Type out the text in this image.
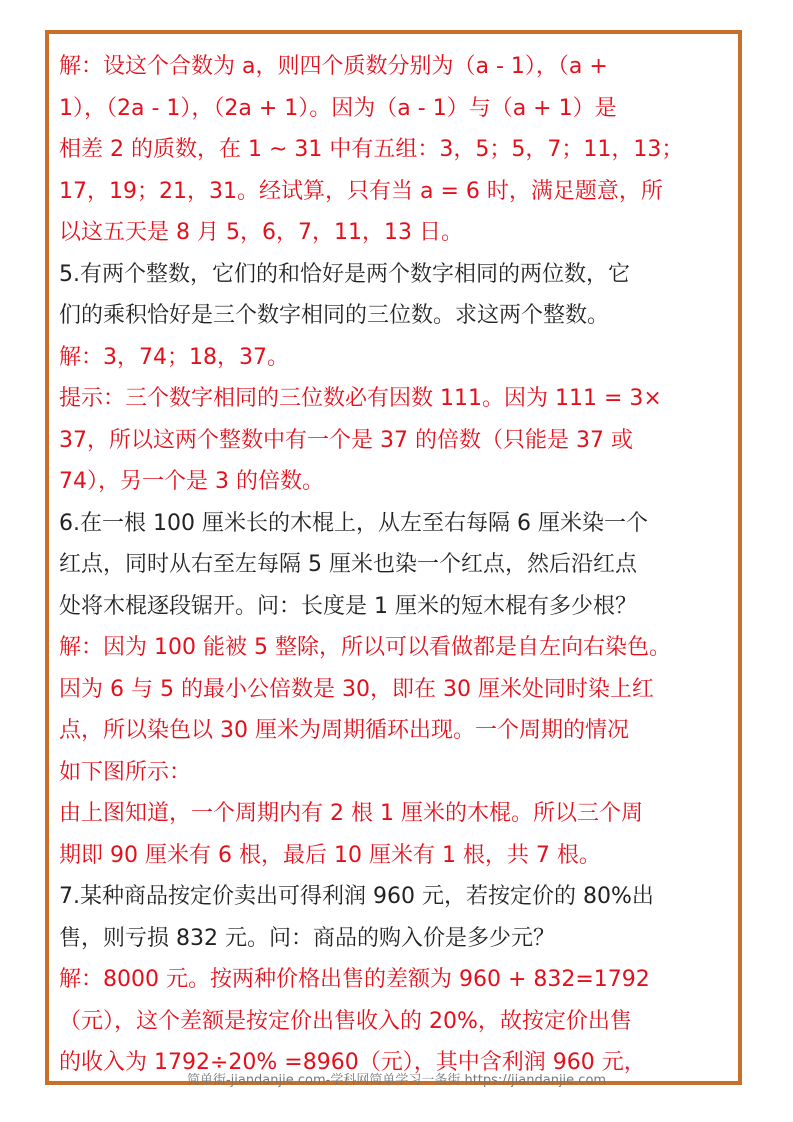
解：设这个合数为 a，则四个质数分别为（a - 1），（a +
1），（2a - 1），（2a + 1）。因为（a - 1）与（a + 1）是
相差 2 的质数，在 1 ~ 31 中有五组：3，5；5，7；11，13；
17，19；21，31。经试算，只有当 a = 6 时，满足题意，所
以这五天是 8 月 5，6，7，11，13 日。
5.有两个整数，它们的和恰好是两个数字相同的两位数，它
们的乘积恰好是三个数字相同的三位数。求这两个整数。
解：3，74；18，37。
提示：三个数字相同的三位数必有因数 111。因为 111 = 3×
37，所以这两个整数中有一个是 37 的倍数（只能是 37 或
74），另一个是 3 的倍数。
6.在一根 100 厘米长的木棍上，从左至右每隔 6 厘米染一个
红点，同时从右至左每隔 5 厘米也染一个红点，然后沿红点
处将木棍逐段锯开。问：长度是 1 厘米的短木棍有多少根？
解：因为 100 能被 5 整除，所以可以看做都是自左向右染色。
因为 6 与 5 的最小公倍数是 30，即在 30 厘米处同时染上红
点，所以染色以 30 厘米为周期循环出现。一个周期的情况
如下图所示：
由上图知道，一个周期内有 2 根 1 厘米的木棍。所以三个周
期即 90 厘米有 6 根，最后 10 厘米有 1 根，共 7 根。
7.某种商品按定价卖出可得利润 960 元，若按定价的 80%出
售，则亏损 832 元。问：商品的购入价是多少元？
解：8000 元。按两种价格出售的差额为 960 + 832=1792
（元），这个差额是按定价出售收入的 20%，故按定价出售
的收入为 1792÷20% =8960（元），其中含利润 960 元，
简单街-jiandanjie.com-学科网简单学习一条街 https://jiandanjie.com
